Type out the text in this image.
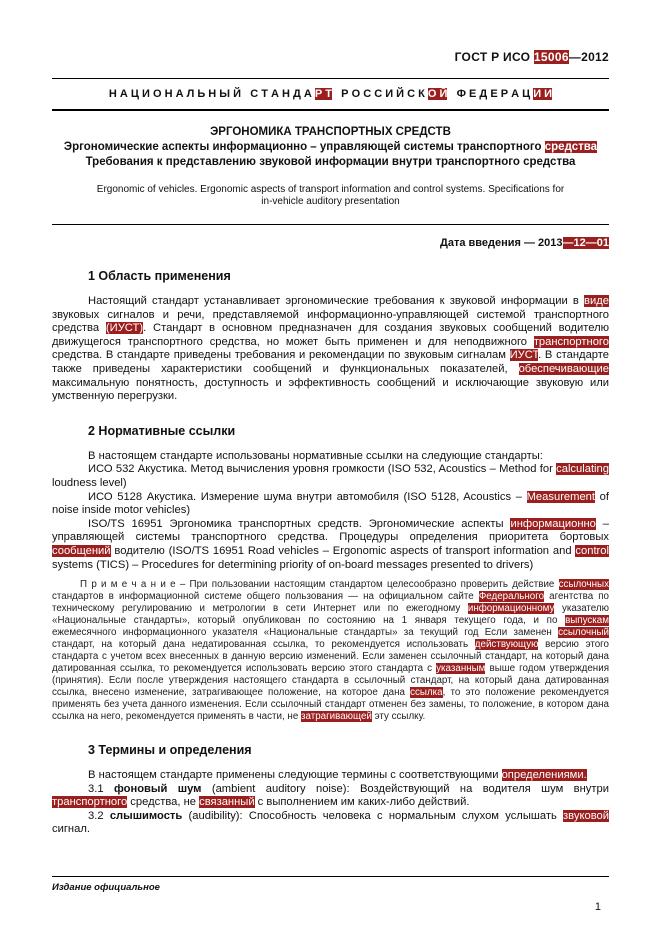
ГОСТ Р ИСО 15006—2012
Н А Ц И О Н А Л Ь Н Ы Й   С Т А Н Д А Р Т   Р О С С И Й С К О Й   Ф Е Д Е Р А Ц И И
ЭРГОНОМИКА ТРАНСПОРТНЫХ СРЕДСТВ
Эргономические аспекты информационно – управляющей системы транспортного средства
Требования к представлению звуковой информации внутри транспортного средства
Ergonomic of vehicles. Ergonomic aspects of transport information and control systems. Specifications for in-vehicle auditory presentation
Дата введения — 2013—12—01
1 Область применения

Настоящий стандарт устанавливает эргономические требования к звуковой информации в виде звуковых сигналов и речи, представляемой информационно-управляющей системой транспортного средства (ИУСТ). Стандарт в основном предназначен для создания звуковых сообщений водителю движущегося транспортного средства, но может быть применен и для неподвижного транспортного средства. В стандарте приведены требования и рекомендации по звуковым сигналам ИУСТ. В стандарте также приведены характеристики сообщений и функциональных показателей, обеспечивающие максимальную понятность, доступность и эффективность сообщений и исключающие звуковую или умственную перегрузки.

2 Нормативные ссылки

В настоящем стандарте использованы нормативные ссылки на следующие стандарты:

ИСО 532 Акустика. Метод вычисления уровня громкости (ISO 532, Acoustics – Method for calculating loudness level)

ИСО 5128 Акустика. Измерение шума внутри автомобиля (ISO 5128, Acoustics – Measurement of noise inside motor vehicles)

ISO/TS 16951 Эргономика транспортных средств. Эргономические аспекты информационно – управляющей системы транспортного средства. Процедуры определения приоритета бортовых сообщений водителю (ISO/TS 16951 Road vehicles – Ergonomic aspects of transport information and control systems (TICS) – Procedures for determining priority of on-board messages presented to drivers)

П р и м е ч а н и е – При пользовании настоящим стандартом целесообразно проверить действие ссылочных стандартов в информационной системе общего пользования — на официальном сайте Федерального агентства по техническому регулированию и метрологии в сети Интернет или по ежегодному информационному указателю «Национальные стандарты», который опубликован по состоянию на 1 января текущего года, и по выпускам ежемесячного информационного указателя «Национальные стандарты» за текущий год Если заменен ссылочный стандарт, на который дана недатированная ссылка, то рекомендуется использовать действующую версию этого стандарта с учетом всех внесенных в данную версию изменений. Если заменен ссылочный стандарт, на который дана датированная ссылка, то рекомендуется использовать версию этого стандарта с указанным выше годом утверждения (принятия). Если после утверждения настоящего стандарта в ссылочный стандарт, на который дана датированная ссылка, внесено изменение, затрагивающее положение, на которое дана ссылка, то это положение рекомендуется применять без учета данного изменения. Если ссылочный стандарт отменен без замены, то положение, в котором дана ссылка на него, рекомендуется применять в части, не затрагивающей эту ссылку.

3 Термины и определения

В настоящем стандарте применены следующие термины с соответствующими определениями.

3.1 фоновый шум (ambient auditory noise): Воздействующий на водителя шум внутри транспортного средства, не связанный с выполнением им каких-либо действий.

3.2 слышимость (audibility): Способность человека с нормальным слухом услышать звуковой сигнал.

Издание официальное
1
